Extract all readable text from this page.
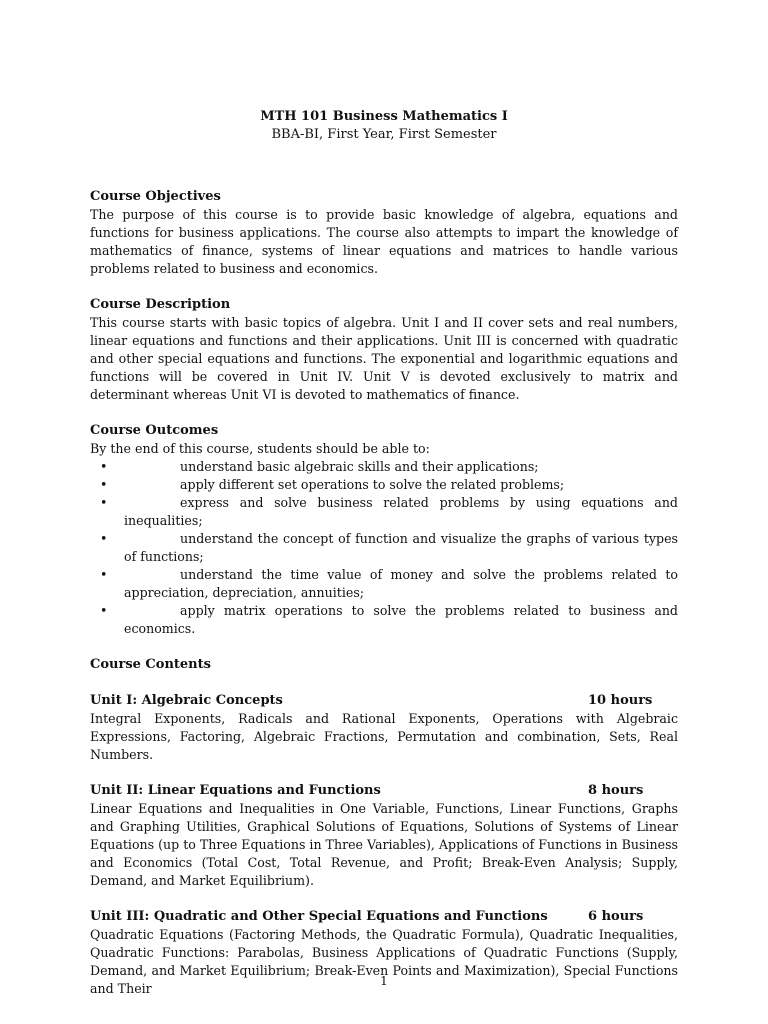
MTH 101 Business Mathematics I
BBA-BI, First Year, First Semester
Course Objectives

The purpose of this course is to provide basic knowledge of algebra, equations and functions for business applications. The course also attempts to impart the knowledge of mathematics of finance, systems of linear equations and matrices to handle various problems related to business and economics.

Course Description

This course starts with basic topics of algebra. Unit I and II cover sets and real numbers, linear equations and functions and their applications. Unit III is concerned with quadratic and other special equations and functions. The exponential and logarithmic equations and functions will be covered in Unit IV. Unit V is devoted exclusively to matrix and determinant whereas Unit VI is devoted to mathematics of finance.

Course Outcomes

By the end of this course, students should be able to:

•	understand basic algebraic skills and their applications;
•	apply different set operations to solve the related problems;
•	express and solve business related problems by using equations and inequalities;
•	understand the concept of function and visualize the graphs of various types of functions;
•	understand the time value of money and solve the problems related to appreciation, depreciation, annuities;
•	apply matrix operations to solve the problems related to business and economics.
Course Contents
Unit I: Algebraic Concepts	10 hours

Integral Exponents, Radicals and Rational Exponents, Operations with Algebraic Expressions, Factoring, Algebraic Fractions, Permutation and combination, Sets, Real Numbers.

Unit II: Linear Equations and Functions	8 hours

Linear Equations and Inequalities in One Variable, Functions, Linear Functions, Graphs and Graphing Utilities, Graphical Solutions of Equations, Solutions of Systems of Linear Equations (up to Three Equations in Three Variables), Applications of Functions in Business and Economics (Total Cost, Total Revenue, and Profit; Break-Even Analysis; Supply, Demand, and Market Equilibrium).

Unit III: Quadratic and Other Special Equations and Functions	6 hours

Quadratic Equations (Factoring Methods, the Quadratic Formula), Quadratic Inequalities, Quadratic Functions: Parabolas, Business Applications of Quadratic Functions (Supply, Demand, and Market Equilibrium; Break-Even Points and Maximization), Special Functions and Their	1
